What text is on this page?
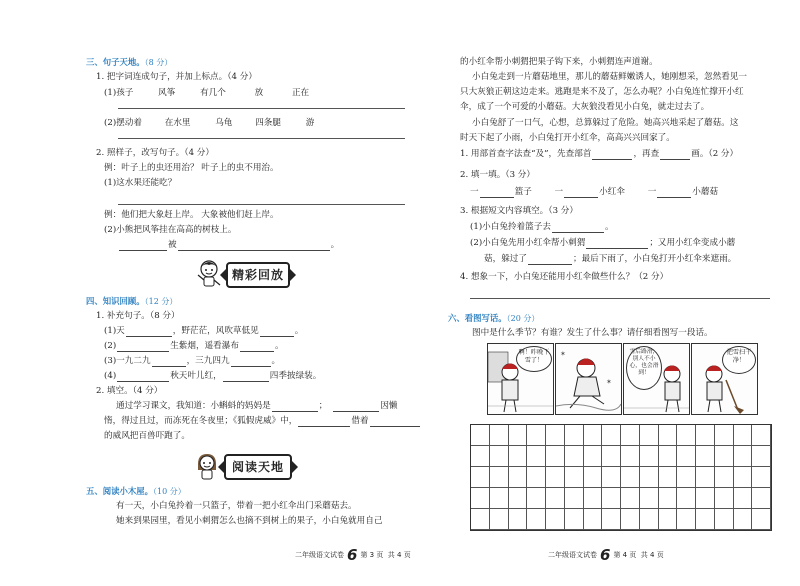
三、句子天地。（8 分）
1. 把字词连成句子，并加上标点。（4 分）
(1)孩子	风筝	有几个	放	正在
(2)摆动着	在水里	乌龟	四条腿	游
2. 照样子，改写句子。（4 分）
例：叶子上的虫还用治？ 叶子上的虫不用治。
(1)这水果还能吃？
例：他们把大象赶上岸。 大象被他们赶上岸。
(2)小熊把风筝挂在高高的树枝上。
被	。
精彩回放
四、知识回顾。（12 分）
1. 补充句子。（8 分）
(1)天	，野茫茫，风吹草低见	。
(2)	生紫烟，遥看瀑布	。
(3)一九二九	，三九四九	。
(4)	秋天叶儿红，	四季披绿装。
2. 填空。（4 分）
通过学习课文，我知道：小蝌蚪的妈妈是	；	因懒
惰，得过且过，而冻死在冬夜里；《狐假虎威》中，	借着
的威风把百兽吓跑了。
阅读天地
五、阅读小木屋。（10 分）
有一天，小白兔拎着一只篮子，带着一把小红伞出门采蘑菇去。
她来到果园里，看见小刺猬怎么也摘不到树上的果子，小白兔就用自己
二年级语文试卷 6 第 3 页 共 4 页
的小红伞帮小刺猬把果子钩下来，小刺猬连声道谢。
小白兔走到一片蘑菇地里，那儿的蘑菇鲜嫩诱人，她刚想采，忽然看见一
只大灰狼正朝这边走来。逃跑是来不及了，怎么办呢？小白兔连忙撑开小红
伞，成了一个可爱的小蘑菇。大灰狼没看见小白兔，就走过去了。
小白兔舒了一口气，心想，总算躲过了危险。她高兴地采起了蘑菇。这
时天下起了小雨，小白兔打开小红伞，高高兴兴回家了。
1. 用部首查字法查“及”，先查部首	，再查	画。（2 分）
2. 填一填。（3 分）
一	篮子	一	小红伞	一	小蘑菇
3. 根据短文内容填空。（3 分）
(1)小白兔拎着篮子去	。
(2)小白兔先用小红伞帮小刺猬	；又用小红伞变成小蘑
菇，躲过了	；最后下雨了，小白兔打开小红伞来遮雨。
4. 想象一下，小白兔还能用小红伞做些什么？（2 分）
六、看图写话。（20 分）
图中是什么季节？有谁？发生了什么事？请仔细看图写一段话。
啊！昨晚下雪了！
✶
✶
雪后路滑，别人不小心，也会滑到！
把雪扫干净！
二年级语文试卷 6 第 4 页 共 4 页
